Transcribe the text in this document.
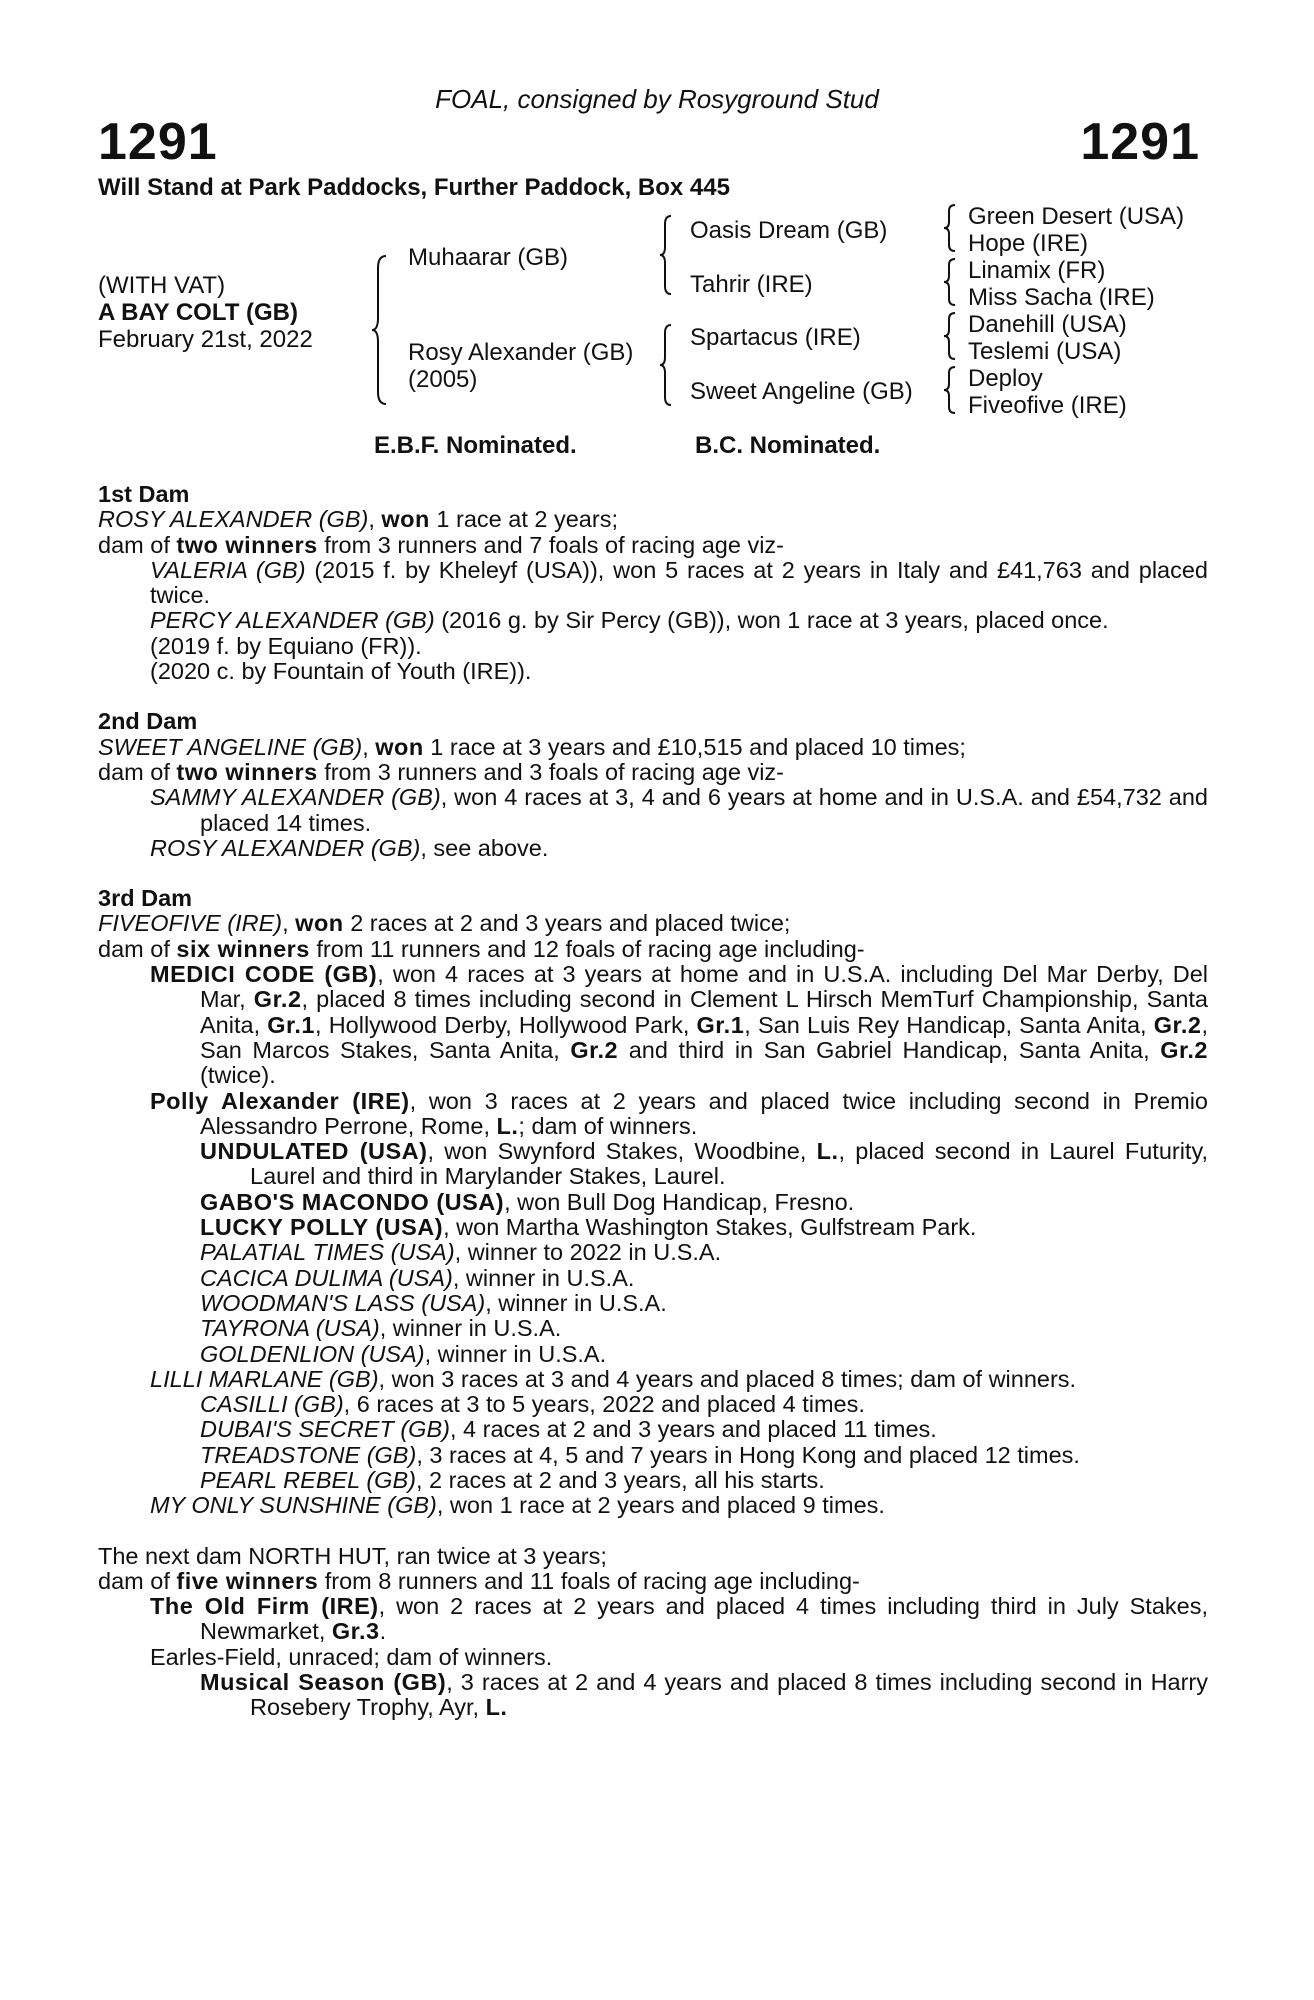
FOAL, consigned by Rosyground Stud
1291	1291
Will Stand at Park Paddocks, Further Paddock, Box 445
(WITH VAT)
A BAY COLT (GB)
February 21st, 2022
Muhaarar (GB)
Rosy Alexander (GB)
(2005)
Oasis Dream (GB)
Tahrir (IRE)
Spartacus (IRE)
Sweet Angeline (GB)
Green Desert (USA)
Hope (IRE)
Linamix (FR)
Miss Sacha (IRE)
Danehill (USA)
Teslemi (USA)
Deploy
Fiveofive (IRE)
E.B.F. Nominated.	B.C. Nominated.

1st Dam

ROSY ALEXANDER (GB), won 1 race at 2 years;

dam of two winners from 3 runners and 7 foals of racing age viz-

VALERIA (GB) (2015 f. by Kheleyf (USA)), won 5 races at 2 years in Italy and £41,763 and placed twice.

PERCY ALEXANDER (GB) (2016 g. by Sir Percy (GB)), won 1 race at 3 years, placed once.

(2019 f. by Equiano (FR)).

(2020 c. by Fountain of Youth (IRE)).

2nd Dam

SWEET ANGELINE (GB), won 1 race at 3 years and £10,515 and placed 10 times;

dam of two winners from 3 runners and 3 foals of racing age viz-

SAMMY ALEXANDER (GB), won 4 races at 3, 4 and 6 years at home and in U.S.A. and £54,732 and placed 14 times.

ROSY ALEXANDER (GB), see above.

3rd Dam

FIVEOFIVE (IRE), won 2 races at 2 and 3 years and placed twice;

dam of six winners from 11 runners and 12 foals of racing age including-

MEDICI CODE (GB), won 4 races at 3 years at home and in U.S.A. including Del Mar Derby, Del Mar, Gr.2, placed 8 times including second in Clement L Hirsch MemTurf Championship, Santa Anita, Gr.1, Hollywood Derby, Hollywood Park, Gr.1, San Luis Rey Handicap, Santa Anita, Gr.2, San Marcos Stakes, Santa Anita, Gr.2 and third in San Gabriel Handicap, Santa Anita, Gr.2 (twice).

Polly Alexander (IRE), won 3 races at 2 years and placed twice including second in Premio Alessandro Perrone, Rome, L.; dam of winners.

UNDULATED (USA), won Swynford Stakes, Woodbine, L., placed second in Laurel Futurity, Laurel and third in Marylander Stakes, Laurel.

GABO'S MACONDO (USA), won Bull Dog Handicap, Fresno.

LUCKY POLLY (USA), won Martha Washington Stakes, Gulfstream Park.

PALATIAL TIMES (USA), winner to 2022 in U.S.A.

CACICA DULIMA (USA), winner in U.S.A.

WOODMAN'S LASS (USA), winner in U.S.A.

TAYRONA (USA), winner in U.S.A.

GOLDENLION (USA), winner in U.S.A.

LILLI MARLANE (GB), won 3 races at 3 and 4 years and placed 8 times; dam of winners.

CASILLI (GB), 6 races at 3 to 5 years, 2022 and placed 4 times.

DUBAI'S SECRET (GB), 4 races at 2 and 3 years and placed 11 times.

TREADSTONE (GB), 3 races at 4, 5 and 7 years in Hong Kong and placed 12 times.

PEARL REBEL (GB), 2 races at 2 and 3 years, all his starts.

MY ONLY SUNSHINE (GB), won 1 race at 2 years and placed 9 times.

The next dam NORTH HUT, ran twice at 3 years;

dam of five winners from 8 runners and 11 foals of racing age including-

The Old Firm (IRE), won 2 races at 2 years and placed 4 times including third in July Stakes, Newmarket, Gr.3.

Earles-Field, unraced; dam of winners.

Musical Season (GB), 3 races at 2 and 4 years and placed 8 times including second in Harry Rosebery Trophy, Ayr, L.
